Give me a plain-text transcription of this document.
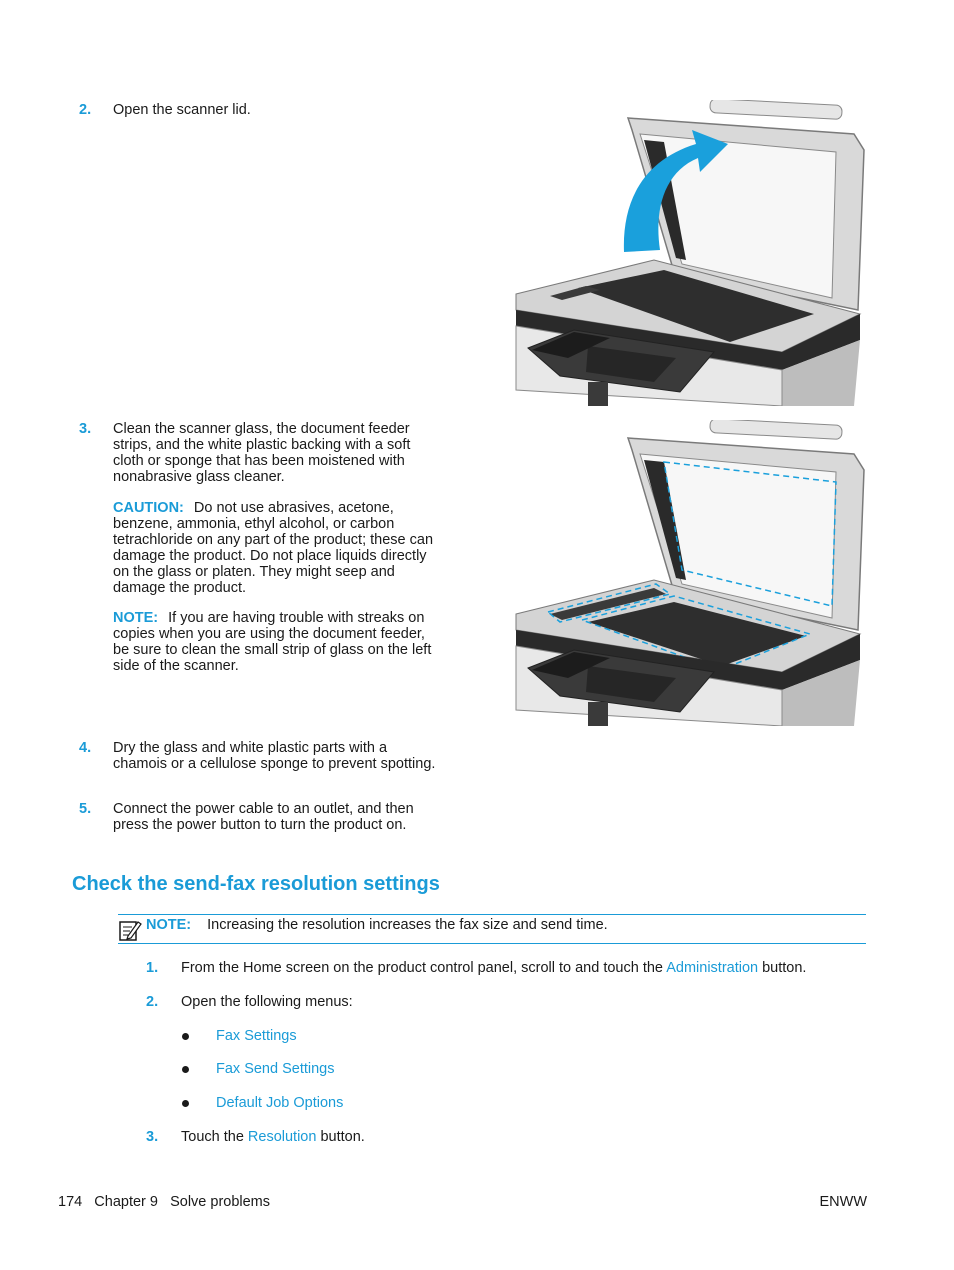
2. Open the scanner lid.
3. Clean the scanner glass, the document feeder strips, and the white plastic backing with a soft cloth or sponge that has been moistened with nonabrasive glass cleaner.
CAUTION: Do not use abrasives, acetone, benzene, ammonia, ethyl alcohol, or carbon tetrachloride on any part of the product; these can damage the product. Do not place liquids directly on the glass or platen. They might seep and damage the product.
NOTE: If you are having trouble with streaks on copies when you are using the document feeder, be sure to clean the small strip of glass on the left side of the scanner.
4. Dry the glass and white plastic parts with a chamois or a cellulose sponge to prevent spotting.
5. Connect the power cable to an outlet, and then press the power button to turn the product on.
Check the send-fax resolution settings
NOTE: Increasing the resolution increases the fax size and send time.
1. From the Home screen on the product control panel, scroll to and touch the Administration button.
2. Open the following menus:
Fax Settings
Fax Send Settings
Default Job Options
3. Touch the Resolution button.
174 Chapter 9 Solve problems	ENWW
